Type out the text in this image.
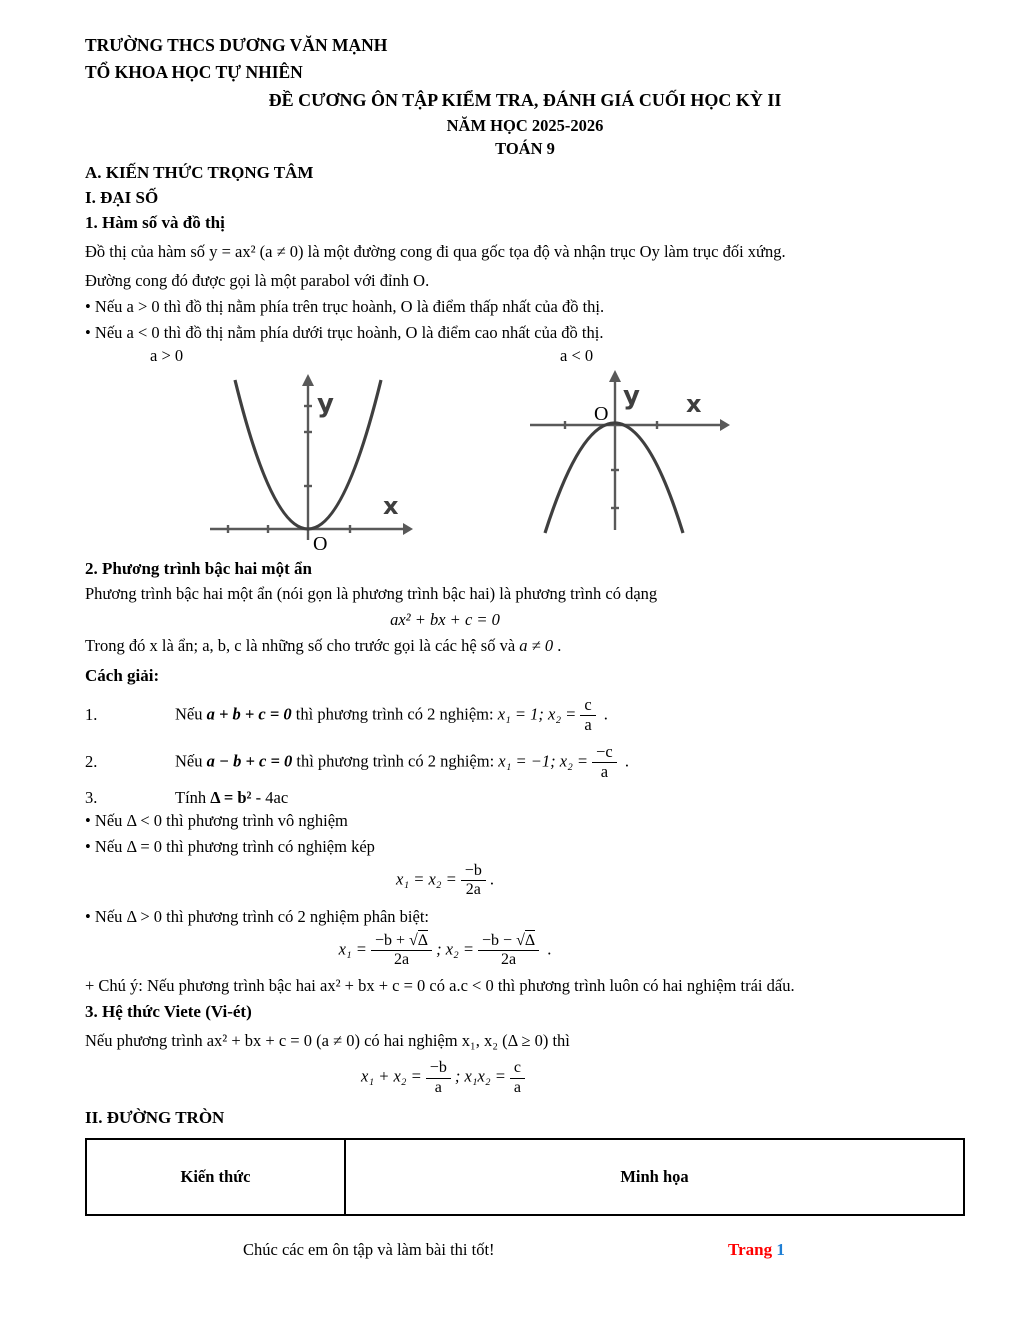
TRƯỜNG THCS DƯƠNG VĂN MẠNH
TỔ KHOA HỌC TỰ NHIÊN
ĐỀ CƯƠNG ÔN TẬP KIỂM TRA, ĐÁNH GIÁ CUỐI HỌC KỲ II
NĂM HỌC 2025-2026
TOÁN 9
A. KIẾN THỨC TRỌNG TÂM
I. ĐẠI SỐ
1. Hàm số và đồ thị
Đồ thị của hàm số y = ax² (a ≠ 0) là một đường cong đi qua gốc tọa độ và nhận trục Oy làm trục đối xứng.
Đường cong đó được gọi là một parabol với đỉnh O.
• Nếu a > 0 thì đồ thị nằm phía trên trục hoành, O là điểm thấp nhất của đồ thị.
• Nếu a < 0 thì đồ thị nằm phía dưới trục hoành, O là điểm cao nhất của đồ thị.
a > 0	a < 0
y
x
O
y x
O
2. Phương trình bậc hai một ẩn
Phương trình bậc hai một ẩn (nói gọn là phương trình bậc hai) là phương trình có dạng
ax² + bx + c = 0
Trong đó x là ẩn; a, b, c là những số cho trước gọi là các hệ số và a ≠ 0 .
Cách giải:
1.	Nếu a + b + c = 0 thì phương trình có 2 nghiệm: x₁ = 1; $x_2 = \frac{c}{a}$ .
2.	Nếu a − b + c = 0 thì phương trình có 2 nghiệm: x₁ = −1; $x_2 = \frac{-c}{a}$ .
3.	Tính Δ = b² - 4ac
• Nếu Δ < 0 thì phương trình vô nghiệm
• Nếu Δ = 0 thì phương trình có nghiệm kép
$x_1 = x_2 = \frac{-b}{2a}$ .
• Nếu Δ > 0 thì phương trình có 2 nghiệm phân biệt:
$x_1 = \frac{-b + √\Delta}{2a}$ ; $x_2 = \frac{-b - √\Delta}{2a}$ .
+ Chú ý: Nếu phương trình bậc hai ax² + bx + c = 0 có a.c < 0 thì phương trình luôn có hai nghiệm trái dấu.
3. Hệ thức Viete (Vi-ét)
Nếu phương trình ax² + bx + c = 0 (a ≠ 0) có hai nghiệm x₁, x₂ (Δ ≥ 0) thì
$x_1 + x_2 = \frac{-b}{a}$ ; $x_1x_2 = \frac{c}{a}$
II. ĐƯỜNG TRÒN
Kiến thức	Minh họa
Chúc các em ôn tập và làm bài thi tốt!	Trang 1
